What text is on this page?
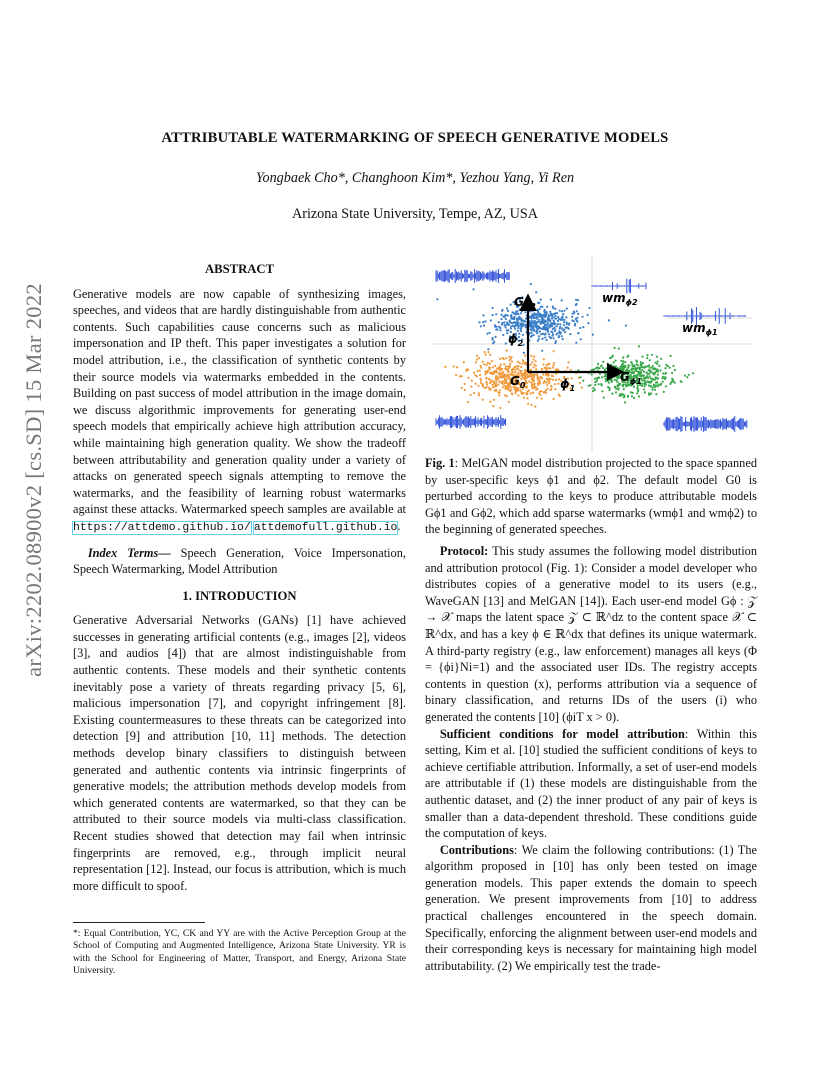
arXiv:2202.08900v2 [cs.SD] 15 Mar 2022
ATTRIBUTABLE WATERMARKING OF SPEECH GENERATIVE MODELS
Yongbaek Cho*, Changhoon Kim*, Yezhou Yang, Yi Ren
Arizona State University, Tempe, AZ, USA
ABSTRACT

Generative models are now capable of synthesizing images, speeches, and videos that are hardly distinguishable from authentic contents. Such capabilities cause concerns such as malicious impersonation and IP theft. This paper investigates a solution for model attribution, i.e., the classification of synthetic contents by their source models via watermarks embedded in the contents. Building on past success of model attribution in the image domain, we discuss algorithmic improvements for generating user-end speech models that empirically achieve high attribution accuracy, while maintaining high generation quality. We show the tradeoff between attributability and generation quality under a variety of attacks on generated speech signals attempting to remove the watermarks, and the feasibility of learning robust watermarks against these attacks. Watermarked speech samples are available at https://attdemo.github.io/ attdemofull.github.io.

Index Terms— Speech Generation, Voice Impersonation, Speech Watermarking, Model Attribution

1. INTRODUCTION

Generative Adversarial Networks (GANs) [1] have achieved successes in generating artificial contents (e.g., images [2], videos [3], and audios [4]) that are almost indistinguishable from authentic contents. These models and their synthetic contents inevitably pose a variety of threats regarding privacy [5, 6], malicious impersonation [7], and copyright infringement [8]. Existing countermeasures to these threats can be categorized into detection [9] and attribution [10, 11] methods. The detection methods develop binary classifiers to distinguish between generated and authentic contents via intrinsic fingerprints of generative models; the attribution methods develop models from which generated contents are watermarked, so that they can be attributed to their source models via multi-class classification. Recent studies showed that detection may fail when intrinsic fingerprints are removed, e.g., through implicit neural representation [12]. Instead, our focus is attribution, which is much more difficult to spoof.

*: Equal Contribution, YC, CK and YY are with the Active Perception Group at the School of Computing and Augmented Intelligence, Arizona State University. YR is with the School for Engineering of Matter, Transport, and Energy, Arizona State University.
$G_{\phi 2}$
$\phi_2$
$G_0$	$\phi_1$
$G_{\phi 1}$
$wm_{\phi 2}$
$wm_{\phi 1}$
Fig. 1: MelGAN model distribution projected to the space spanned by user-specific keys ϕ1 and ϕ2. The default model G0 is perturbed according to the keys to produce attributable models Gϕ1 and Gϕ2, which add sparse watermarks (wmϕ1 and wmϕ2) to the beginning of generated speeches.

Protocol: This study assumes the following model distribution and attribution protocol (Fig. 1): Consider a model developer who distributes copies of a generative model to its users (e.g., WaveGAN [13] and MelGAN [14]). Each user-end model Gϕ : 𝒵 → 𝒳 maps the latent space 𝒵 ⊂ ℝ^dz to the content space 𝒳 ⊂ ℝ^dx, and has a key ϕ ∈ ℝ^dx that defines its unique watermark. A third-party registry (e.g., law enforcement) manages all keys (Φ = {ϕi}Ni=1) and the associated user IDs. The registry accepts contents in question (x), performs attribution via a sequence of binary classification, and returns IDs of the users (i) who generated the contents [10] (ϕiT x > 0).

Sufficient conditions for model attribution: Within this setting, Kim et al. [10] studied the sufficient conditions of keys to achieve certifiable attribution. Informally, a set of user-end models are attributable if (1) these models are distinguishable from the authentic dataset, and (2) the inner product of any pair of keys is smaller than a data-dependent threshold. These conditions guide the computation of keys.

Contributions: We claim the following contributions: (1) The algorithm proposed in [10] has only been tested on image generation models. This paper extends the domain to speech generation. We present improvements from [10] to address practical challenges encountered in the speech domain. Specifically, enforcing the alignment between user-end models and their corresponding keys is necessary for maintaining high model attributability. (2) We empirically test the trade-
